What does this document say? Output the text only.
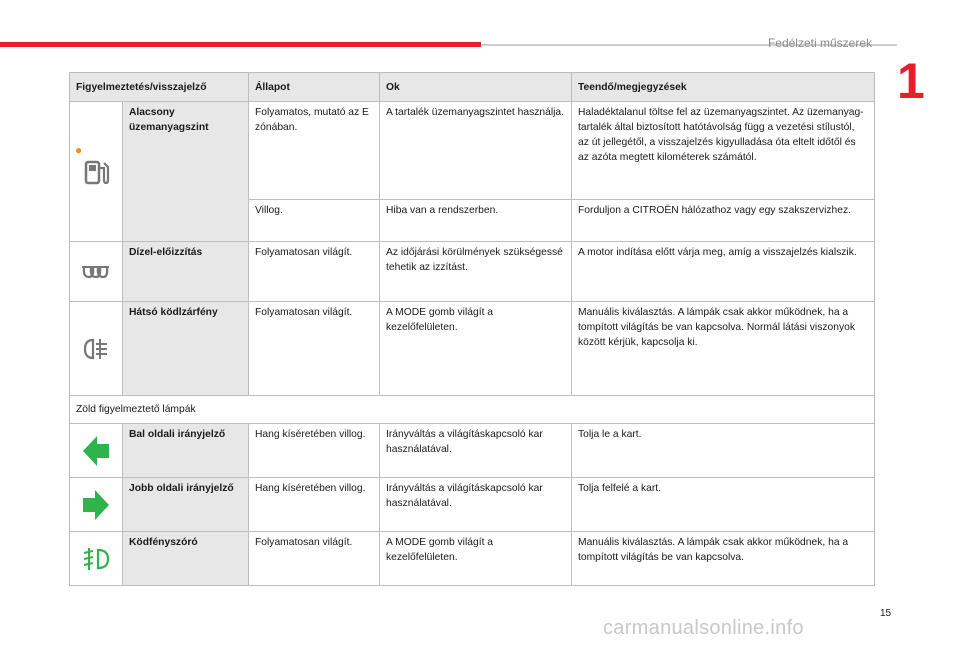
Fedélzeti műszerek
1
Figyelmeztetés/visszajelző		Állapot	Ok	Teendő/megjegyzések

●	Alacsony üzemanyagszint	Folyamatos, mutató az E zónában.	A tartalék üzemanyagszintet használja.	Haladéktalanul töltse fel az üzemanyagszintet. Az üzemanyag-tartalék által biztosított hatótávolság függ a vezetési stílustól, az út jellegétől, a visszajelzés kigyulladása óta eltelt időtől és az azóta megtett kilométerek számától.
		Villog.	Hiba van a rendszerben.	Forduljon a CITROËN hálózathoz vagy egy szakszervizhez.

	Dízel-előizzítás	Folyamatosan világít.	Az időjárási körülmények szükségessé tehetik az izzítást.	A motor indítása előtt várja meg, amíg a visszajelzés kialszik.

	Hátsó ködlzárfény	Folyamatosan világít.	A MODE gomb világít a kezelőfelületen.	Manuális kiválasztás. A lámpák csak akkor működnek, ha a tompított világítás be van kapcsolva. Normál látási viszonyok között kérjük, kapcsolja ki.
Zöld figyelmeztető lámpák				

	Bal oldali irányjelző	Hang kíséretében villog.	Irányváltás a világításkapcsoló kar használatával.	Tolja le a kart.

	Jobb oldali irányjelző	Hang kíséretében villog.	Irányváltás a világításkapcsoló kar használatával.	Tolja felfelé a kart.

	Ködfényszóró	Folyamatosan világít.	A MODE gomb világít a kezelőfelületen.	Manuális kiválasztás. A lámpák csak akkor működnek, ha a tompított világítás be van kapcsolva.
15
carmanualsonline.info
